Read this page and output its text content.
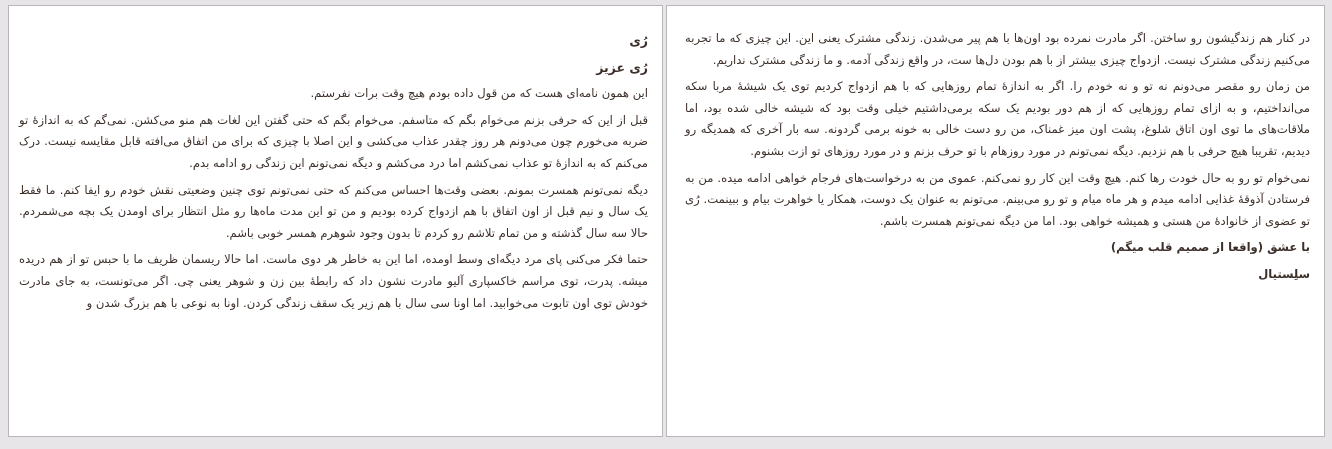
رُی

رُی عزیز

این همون نامه‌ای هست که من قول داده بودم هیچ وقت برات نفرستم.

قبل از این که حرفی بزنم می‌خوام بگم که متاسفم. می‌خوام بگم که حتی گفتن این لغات هم منو می‌کشن. نمی‌گم که به اندازهٔ تو ضربه می‌خورم چون می‌دونم هر روز چقدر عذاب می‌کشی و این اصلا با چیزی که برای من اتفاق می‌افته قابل مقایسه نیست. درک می‌کنم که به اندازهٔ تو عذاب نمی‌کشم اما درد می‌کشم و دیگه نمی‌تونم این زندگی رو ادامه بدم.

دیگه نمی‌تونم همسرت بمونم. بعضی وقت‌ها احساس می‌کنم که حتی نمی‌تونم توی چنین وضعیتی نقش خودم رو ایفا کنم. ما فقط یک سال و نیم قبل از اون اتفاق با هم ازدواج کرده بودیم و من تو این مدت ماه‌ها رو مثل انتظار برای اومدن یک بچه می‌شمردم. حالا سه سال گذشته و من تمام تلاشم رو کردم تا بدون وجود شوهرم همسر خوبی باشم.

حتما فکر می‌کنی پای مرد دیگه‌ای وسط اومده، اما این به خاطر هر دوی ماست. اما حالا ریسمان ظریف ما با حبس تو از هم دریده میشه. پدرت، توی مراسم خاکسپاری آلیو مادرت نشون داد که رابطهٔ بین زن و شوهر یعنی چی. اگر می‌تونست، به جای مادرت خودش توی اون تابوت می‌خوابید. اما اونا سی سال با هم زیر یک سقف زندگی کردن. اونا به نوعی با هم بزرگ شدن و

در کنار هم زندگیشون رو ساختن. اگر مادرت نمرده بود اون‌ها با هم پیر می‌شدن. زندگی مشترک یعنی این. این چیزی که ما تجربه می‌کنیم زندگی مشترک نیست. ازدواج چیزی بیشتر از با هم بودن دل‌ها ست، در واقع زندگی آدمه. و ما زندگی مشترک نداریم.

من زمان رو مقصر می‌دونم نه تو و نه خودم را. اگر به اندازهٔ تمام روزهایی که با هم ازدواج کردیم توی یک شیشهٔ مربا سکه می‌انداختیم، و به ازای تمام روزهایی که از هم دور بودیم یک سکه برمی‌داشتیم خیلی وقت بود که شیشه خالی شده بود، اما ملاقات‌های ما توی اون اتاق شلوغ، پشت اون میز غمناک، من رو دست خالی به خونه برمی گردونه. سه بار آخری که همدیگه رو دیدیم، تقریبا هیچ حرفی با هم نزدیم. دیگه نمی‌تونم در مورد روزهام با تو حرف بزنم و در مورد روزهای تو ازت بشنوم.

نمی‌خوام تو رو به حال خودت رها کنم. هیچ وقت این کار رو نمی‌کنم. عموی من به درخواست‌های فرجام خواهی ادامه میده. من به فرستادن آذوقهٔ غذایی ادامه میدم و هر ماه میام و تو رو می‌بینم. می‌تونم به عنوان یک دوست، همکار یا خواهرت بیام و ببینمت. رُی تو عضوی از خانوادهٔ من هستی و همیشه خواهی بود. اما من دیگه نمی‌تونم همسرت باشم.

با عشق (واقعا از صمیم قلب میگم)

سلِستیال
